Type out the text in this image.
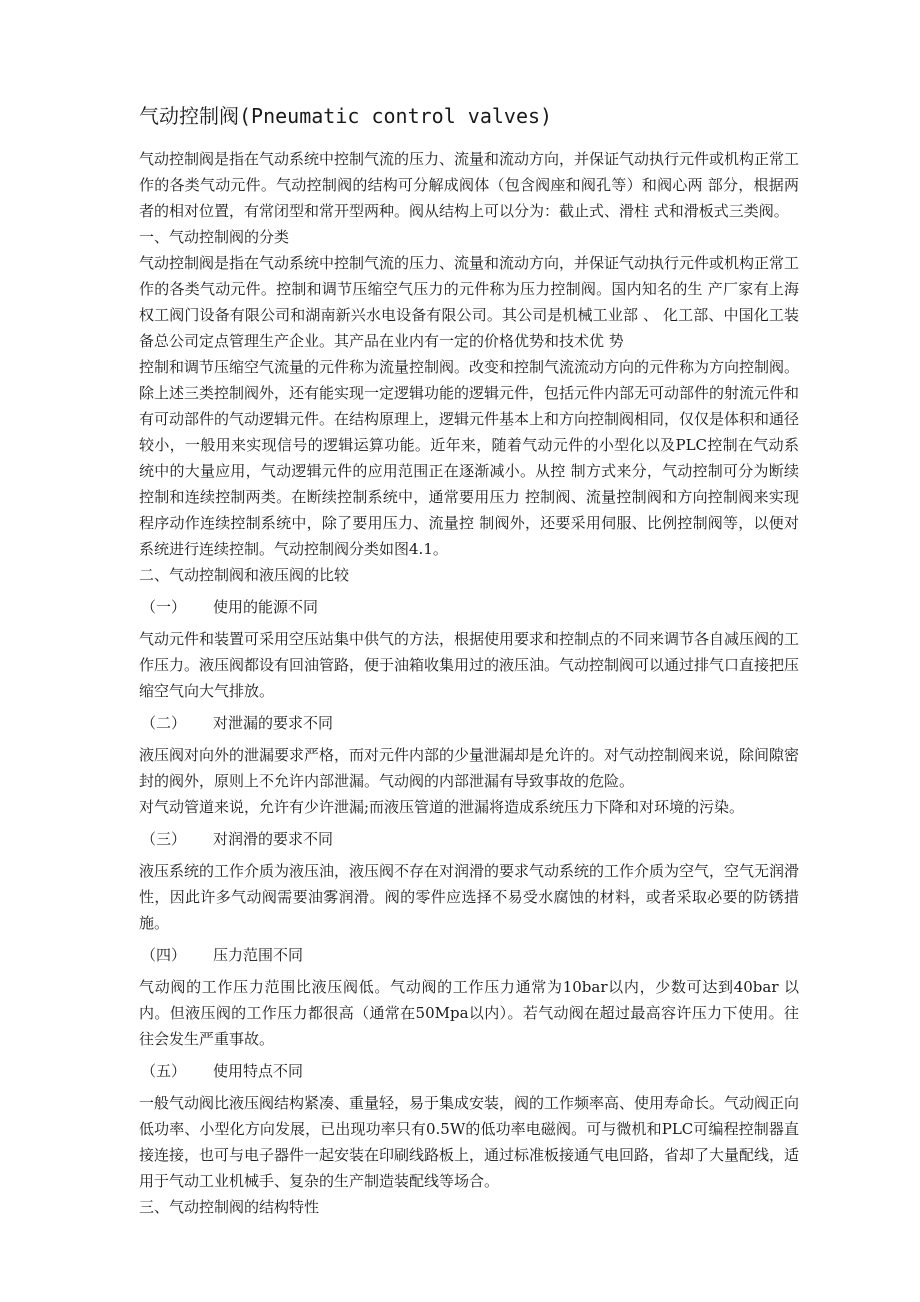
气动控制阀(Pneumatic control valves)

气动控制阀是指在气动系统中控制气流的压力、流量和流动方向，并保证气动执行元件或机构正常工作的各类气动元件。气动控制阀的结构可分解成阀体（包含阀座和阀孔等）和阀心两 部分，根据两者的相对位置，有常闭型和常开型两种。阀从结构上可以分为：截止式、滑柱 式和滑板式三类阀。

一、气动控制阀的分类

气动控制阀是指在气动系统中控制气流的压力、流量和流动方向，并保证气动执行元件或机构正常工作的各类气动元件。控制和调节压缩空气压力的元件称为压力控制阀。国内知名的生 产厂家有上海权工阀门设备有限公司和湖南新兴水电设备有限公司。其公司是机械工业部 、 化工部、中国化工装备总公司定点管理生产企业。其产品在业内有一定的价格优势和技术优 势

控制和调节压缩空气流量的元件称为流量控制阀。改变和控制气流流动方向的元件称为方向控制阀。

除上述三类控制阀外，还有能实现一定逻辑功能的逻辑元件，包括元件内部无可动部件的射流元件和有可动部件的气动逻辑元件。在结构原理上，逻辑元件基本上和方向控制阀相同，仅仅是体积和通径较小，一般用来实现信号的逻辑运算功能。近年来，随着气动元件的小型化以及PLC控制在气动系统中的大量应用，气动逻辑元件的应用范围正在逐渐减小。从控 制方式来分，气动控制可分为断续控制和连续控制两类。在断续控制系统中，通常要用压力 控制阀、流量控制阀和方向控制阀来实现程序动作连续控制系统中，除了要用压力、流量控 制阀外，还要采用伺服、比例控制阀等，以便对系统进行连续控制。气动控制阀分类如图4.1。

二、气动控制阀和液压阀的比较
（一） 使用的能源不同

气动元件和装置可采用空压站集中供气的方法，根据使用要求和控制点的不同来调节各自减压阀的工作压力。液压阀都设有回油管路，便于油箱收集用过的液压油。气动控制阀可以通过排气口直接把压缩空气向大气排放。

（二） 对泄漏的要求不同

液压阀对向外的泄漏要求严格，而对元件内部的少量泄漏却是允许的。对气动控制阀来说，除间隙密封的阀外，原则上不允许内部泄漏。气动阀的内部泄漏有导致事故的危险。

对气动管道来说，允许有少许泄漏;而液压管道的泄漏将造成系统压力下降和对环境的污染。

（三） 对润滑的要求不同

液压系统的工作介质为液压油，液压阀不存在对润滑的要求气动系统的工作介质为空气，空气无润滑性，因此许多气动阀需要油雾润滑。阀的零件应选择不易受水腐蚀的材料，或者采取必要的防锈措施。

（四） 压力范围不同

气动阀的工作压力范围比液压阀低。气动阀的工作压力通常为10bar以内，少数可达到40bar 以内。但液压阀的工作压力都很高（通常在50Mpa以内）。若气动阀在超过最高容许压力下使用。往往会发生严重事故。

（五） 使用特点不同

一般气动阀比液压阀结构紧凑、重量轻，易于集成安装，阀的工作频率高、使用寿命长。气动阀正向低功率、小型化方向发展，已出现功率只有0.5W的低功率电磁阀。可与微机和PLC可编程控制器直接连接，也可与电子器件一起安装在印刷线路板上，通过标准板接通气电回路，省却了大量配线，适用于气动工业机械手、复杂的生产制造装配线等场合。

三、气动控制阀的结构特性
